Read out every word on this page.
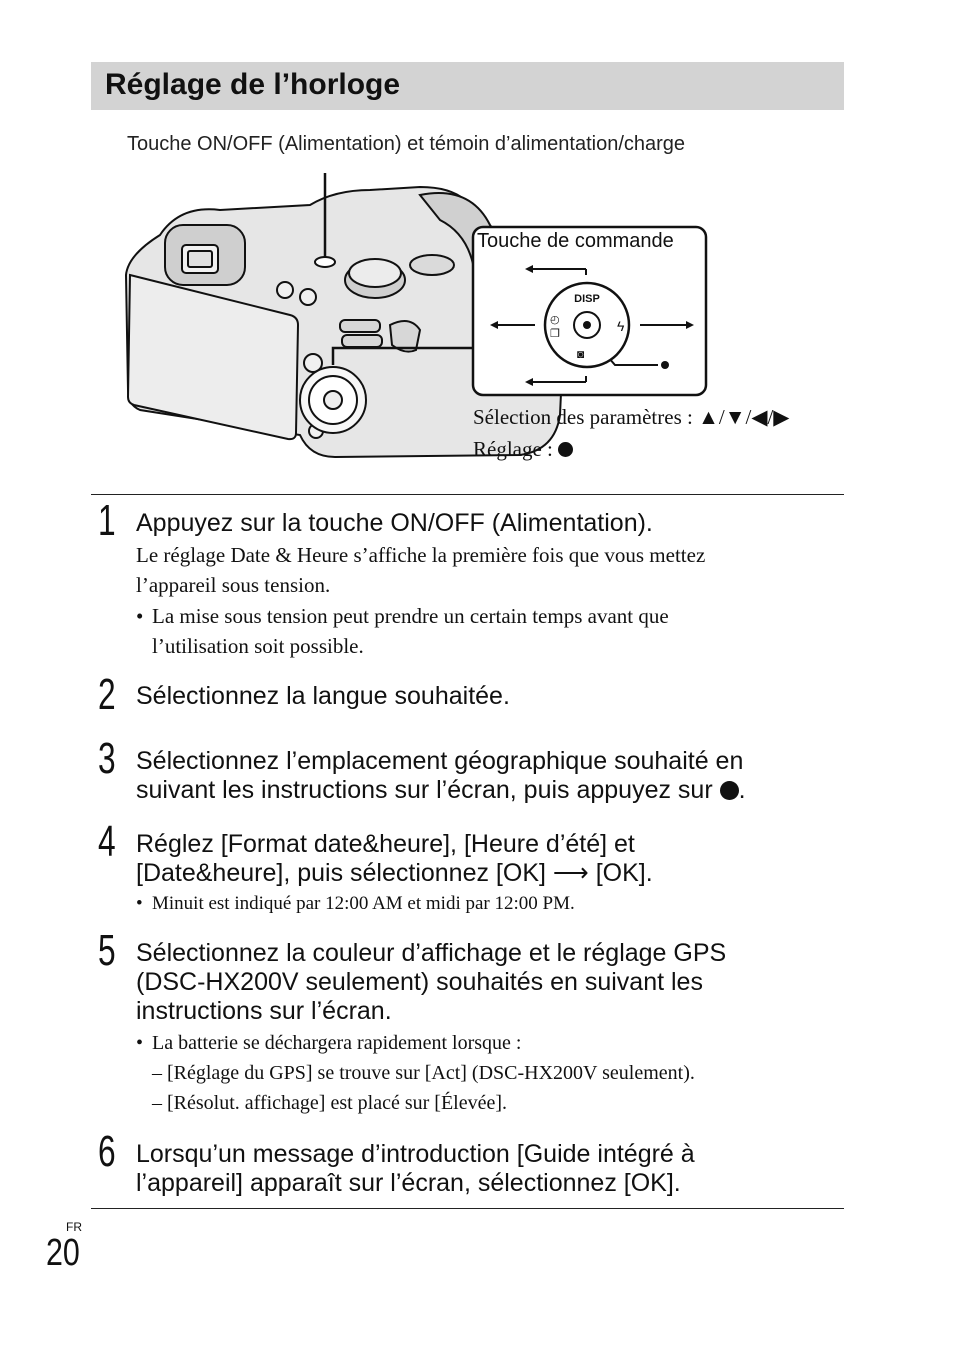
Réglage de l’horloge
Touche ON/OFF (Alimentation) et témoin d’alimentation/charge
Touche de commande
DISP
ϟ
◴
❐
◙
Sélection des paramètres : ▲/▼/◀/▶
Réglage :
1 Appuyez sur la touche ON/OFF (Alimentation).
Le réglage Date & Heure s’affiche la première fois que vous mettez
l’appareil sous tension.
• La mise sous tension peut prendre un certain temps avant que
l’utilisation soit possible.
2 Sélectionnez la langue souhaitée.
3 Sélectionnez l’emplacement géographique souhaité en
suivant les instructions sur l’écran, puis appuyez sur .
4 Réglez [Format date&heure], [Heure d’été] et
[Date&heure], puis sélectionnez [OK] ⟶ [OK].
• Minuit est indiqué par 12:00 AM et midi par 12:00 PM.
5 Sélectionnez la couleur d’affichage et le réglage GPS
(DSC-HX200V seulement) souhaités en suivant les
instructions sur l’écran.
• La batterie se déchargera rapidement lorsque :
– [Réglage du GPS] se trouve sur [Act] (DSC-HX200V seulement).
– [Résolut. affichage] est placé sur [Élevée].
6 Lorsqu’un message d’introduction [Guide intégré à
l’appareil] apparaît sur l’écran, sélectionnez [OK].
FR
20
